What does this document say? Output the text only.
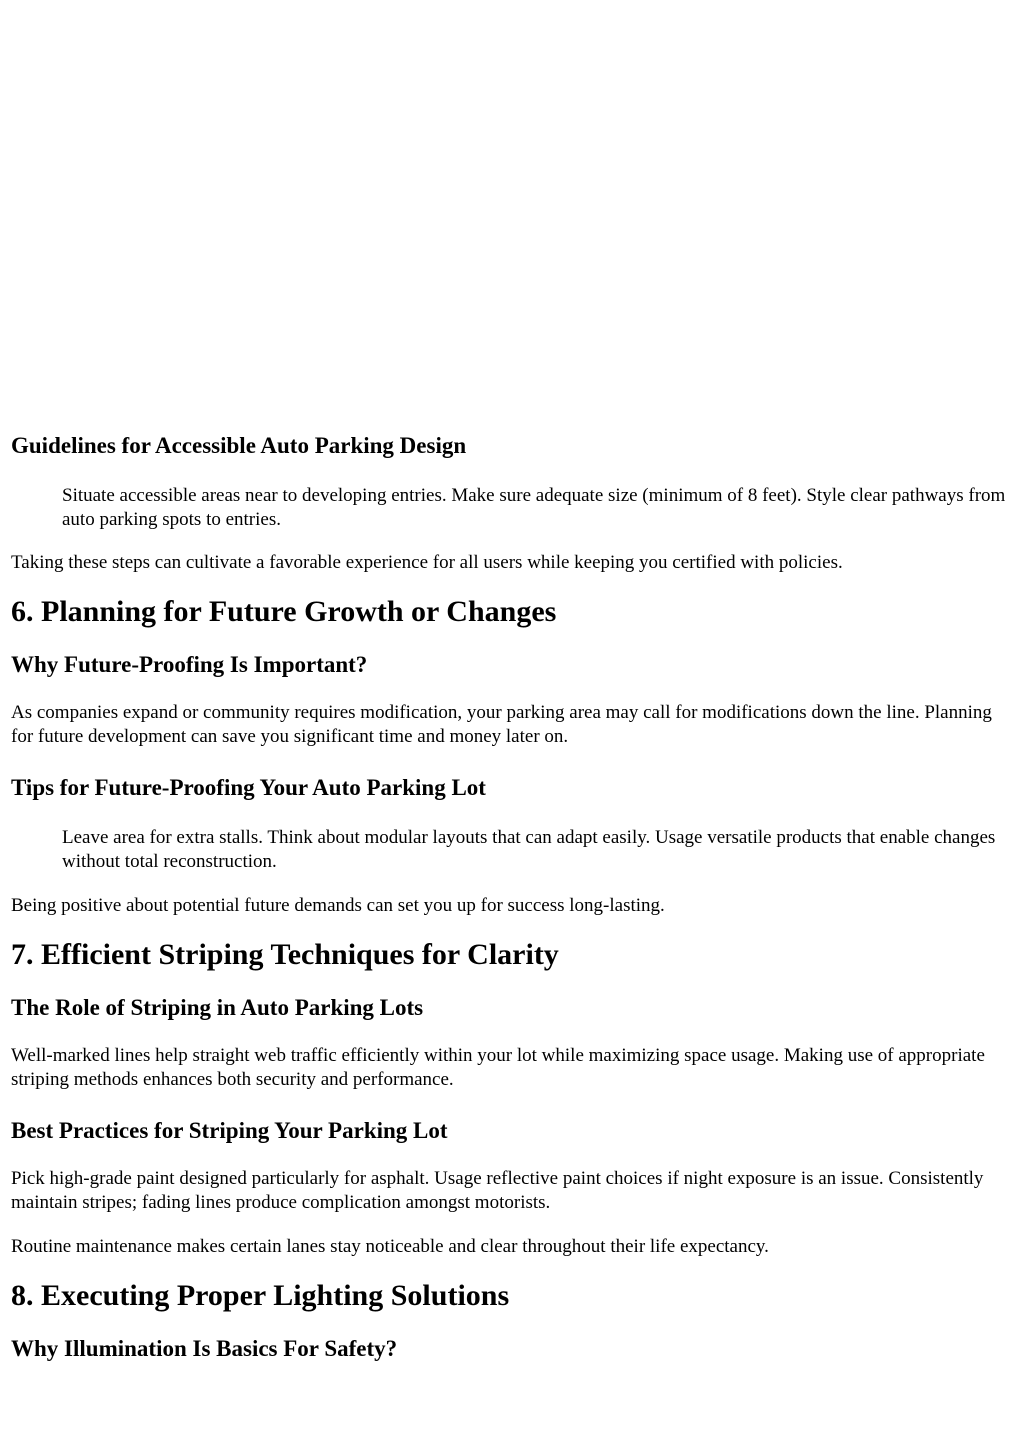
Guidelines for Accessible Auto Parking Design

Situate accessible areas near to developing entries. Make sure adequate size (minimum of 8 feet). Style clear pathways from auto parking spots to entries.

Taking these steps can cultivate a favorable experience for all users while keeping you certified with policies.

6. Planning for Future Growth or Changes
Why Future-Proofing Is Important?

As companies expand or community requires modification, your parking area may call for modifications down the line. Planning for future development can save you significant time and money later on.

Tips for Future-Proofing Your Auto Parking Lot

Leave area for extra stalls. Think about modular layouts that can adapt easily. Usage versatile products that enable changes without total reconstruction.

Being positive about potential future demands can set you up for success long-lasting.

7. Efficient Striping Techniques for Clarity
The Role of Striping in Auto Parking Lots

Well-marked lines help straight web traffic efficiently within your lot while maximizing space usage. Making use of appropriate striping methods enhances both security and performance.

Best Practices for Striping Your Parking Lot

Pick high-grade paint designed particularly for asphalt. Usage reflective paint choices if night exposure is an issue. Consistently maintain stripes; fading lines produce complication amongst motorists.

Routine maintenance makes certain lanes stay noticeable and clear throughout their life expectancy.

8. Executing Proper Lighting Solutions
Why Illumination Is Basics For Safety?
